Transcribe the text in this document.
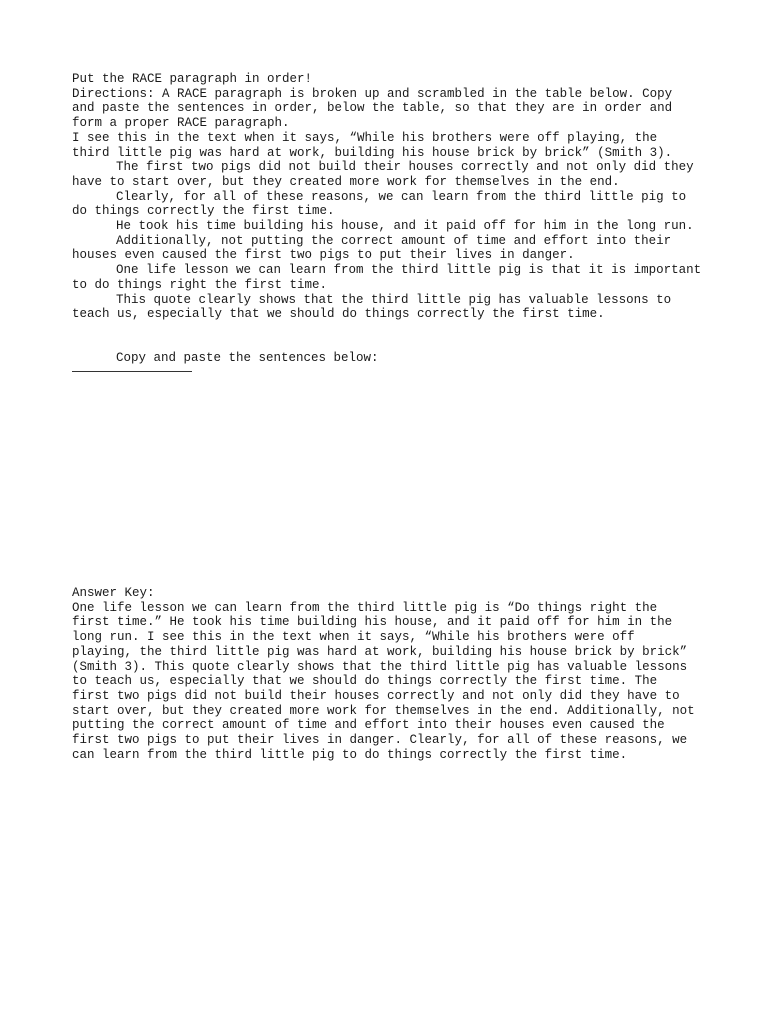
Put the RACE paragraph in order!

Directions: A RACE paragraph is broken up and scrambled in the table below. Copy and paste the sentences in order, below the table, so that they are in order and form a proper RACE paragraph.

I see this in the text when it says, “While his brothers were off playing, the third little pig was hard at work, building his house brick by brick” (Smith 3).

The first two pigs did not build their houses correctly and not only did they have to start over, but they created more work for themselves in the end.

Clearly, for all of these reasons, we can learn from the third little pig to do things correctly the first time.

He took his time building his house, and it paid off for him in the long run.

Additionally, not putting the correct amount of time and effort into their houses even caused the first two pigs to put their lives in danger.

One life lesson we can learn from the third little pig is that it is important to do things right the first time.

This quote clearly shows that the third little pig has valuable lessons to teach us, especially that we should do things correctly the first time.

Copy and paste the sentences below:

Answer Key:

One life lesson we can learn from the third little pig is “Do things right the first time.” He took his time building his house, and it paid off for him in the long run. I see this in the text when it says, “While his brothers were off playing, the third little pig was hard at work, building his house brick by brick” (Smith 3). This quote clearly shows that the third little pig has valuable lessons to teach us, especially that we should do things correctly the first time. The first two pigs did not build their houses correctly and not only did they have to start over, but they created more work for themselves in the end. Additionally, not putting the correct amount of time and effort into their houses even caused the first two pigs to put their lives in danger. Clearly, for all of these reasons, we can learn from the third little pig to do things correctly the first time.
